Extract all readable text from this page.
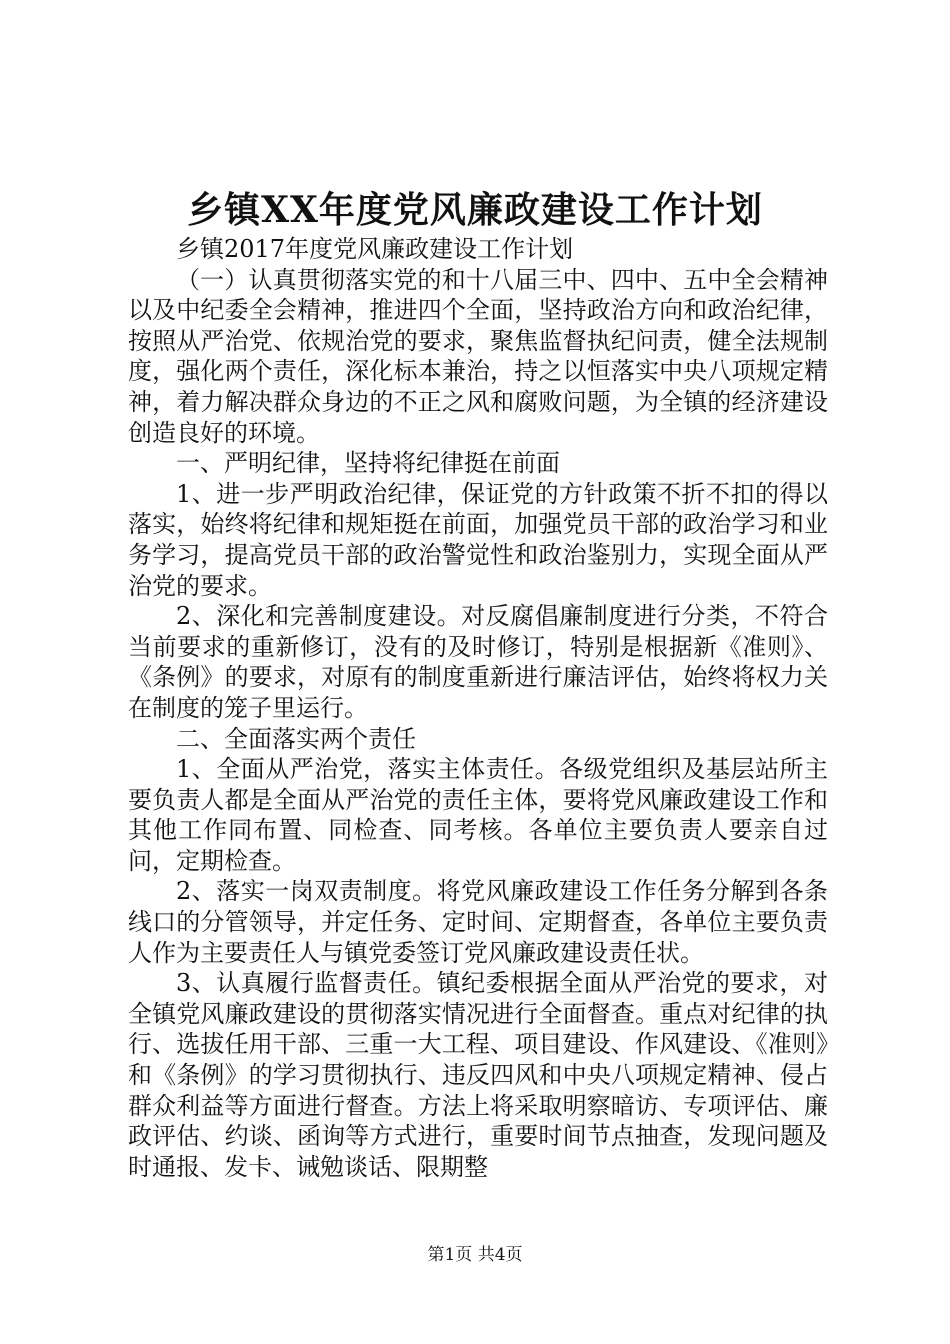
乡镇XX年度党风廉政建设工作计划

乡镇2017年度党风廉政建设工作计划

（一）认真贯彻落实党的和十八届三中、四中、五中全会精神以及中纪委全会精神，推进四个全面，坚持政治方向和政治纪律，按照从严治党、依规治党的要求，聚焦监督执纪问责，健全法规制度，强化两个责任，深化标本兼治，持之以恒落实中央八项规定精神，着力解决群众身边的不正之风和腐败问题，为全镇的经济建设创造良好的环境。

一、严明纪律，坚持将纪律挺在前面

1、进一步严明政治纪律，保证党的方针政策不折不扣的得以落实，始终将纪律和规矩挺在前面，加强党员干部的政治学习和业务学习，提高党员干部的政治警觉性和政治鉴别力，实现全面从严治党的要求。

2、深化和完善制度建设。对反腐倡廉制度进行分类，不符合当前要求的重新修订，没有的及时修订，特别是根据新《准则》、《条例》的要求，对原有的制度重新进行廉洁评估，始终将权力关在制度的笼子里运行。

二、全面落实两个责任

1、全面从严治党，落实主体责任。各级党组织及基层站所主要负责人都是全面从严治党的责任主体，要将党风廉政建设工作和其他工作同布置、同检查、同考核。各单位主要负责人要亲自过问，定期检查。

2、落实一岗双责制度。将党风廉政建设工作任务分解到各条线口的分管领导，并定任务、定时间、定期督查，各单位主要负责人作为主要责任人与镇党委签订党风廉政建设责任状。

3、认真履行监督责任。镇纪委根据全面从严治党的要求，对全镇党风廉政建设的贯彻落实情况进行全面督查。重点对纪律的执行、选拔任用干部、三重一大工程、项目建设、作风建设、《准则》和《条例》的学习贯彻执行、违反四风和中央八项规定精神、侵占群众利益等方面进行督查。方法上将采取明察暗访、专项评估、廉政评估、约谈、函询等方式进行，重要时间节点抽查，发现问题及时通报、发卡、诫勉谈话、限期整

第1页 共4页
